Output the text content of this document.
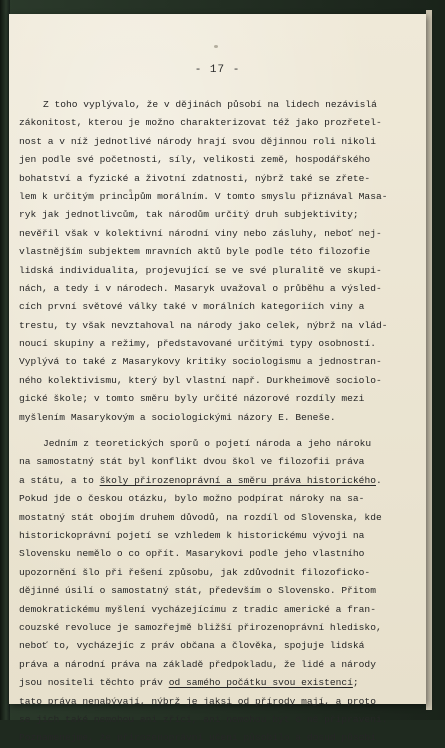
- 17 -
Z toho vyplývalo, že v dějinách působí na lidech nezávislá
zákonitost, kterou je možno charakterizovat též jako prozřetel-
nost a v níž jednotlivé národy hrají svou dějinnou roli nikoli
jen podle své početnosti, síly, velikosti země, hospodářského
bohatství a fyzické a životní zdatnosti, nýbrž také se zřete-
lem k určitým principům morálním. V tomto smyslu přiznával Masa-
ryk jak jednotlivcům, tak národům určitý druh subjektivity;
nevěřil však v kolektivní národní viny nebo zásluhy, neboť nej-
vlastnějším subjektem mravních aktů byle podle této filozofie
lidská individualita, projevující se ve své pluralitě ve skupi-
nách, a tedy i v národech. Masaryk uvažoval o průběhu a výsled-
cích první světové války také v morálních kategoriích viny a
trestu, ty však nevztahoval na národy jako celek, nýbrž na vlád-
noucí skupiny a režimy, představované určitými typy osobností.
Vyplývá to také z Masarykovy kritiky sociologismu a jednostran-
ného kolektivismu, který byl vlastní např. Durkheimově sociolo-
gické škole; v tomto směru byly určité názorové rozdíly mezi
myšlením Masarykovým a sociologickými názory E. Beneše.
Jedním z teoretických sporů o pojetí národa a jeho nároku
na samostatný stát byl konflikt dvou škol ve filozofii práva
a státu, a to školy přirozenoprávní a směru práva historického.
Pokud jde o českou otázku, bylo možno podpírat nároky na sa-
mostatný stát obojím druhem důvodů, na rozdíl od Slovenska, kde
historickoprávní pojetí se vzhledem k historickému vývoji na
Slovensku nemělo o co opřít. Masarykovi podle jeho vlastního
upozornění šlo při řešení způsobu, jak zdůvodnit filozoficko-
dějinné úsilí o samostatný stát, především o Slovensko. Přitom
demokratickému myšlení vycházejícímu z tradic americké a fran-
couzské revoluce je samozřejmě bližší přirozenoprávní hledisko,
neboť to, vycházejíc z práv občana a člověka, spojuje lidská
práva a národní práva na základě předpokladu, že lidé a národy
jsou nositeli těchto práv od samého počátku svou existencí;
tato práva nenabývají, nýbrž je jaksi od přírody mají, a proto
se jich také nemohou ani zříci, ani nemohou být o ně připraveni.
Poznamenejme, že přirozenoprávní učení působilo a dosud působí
